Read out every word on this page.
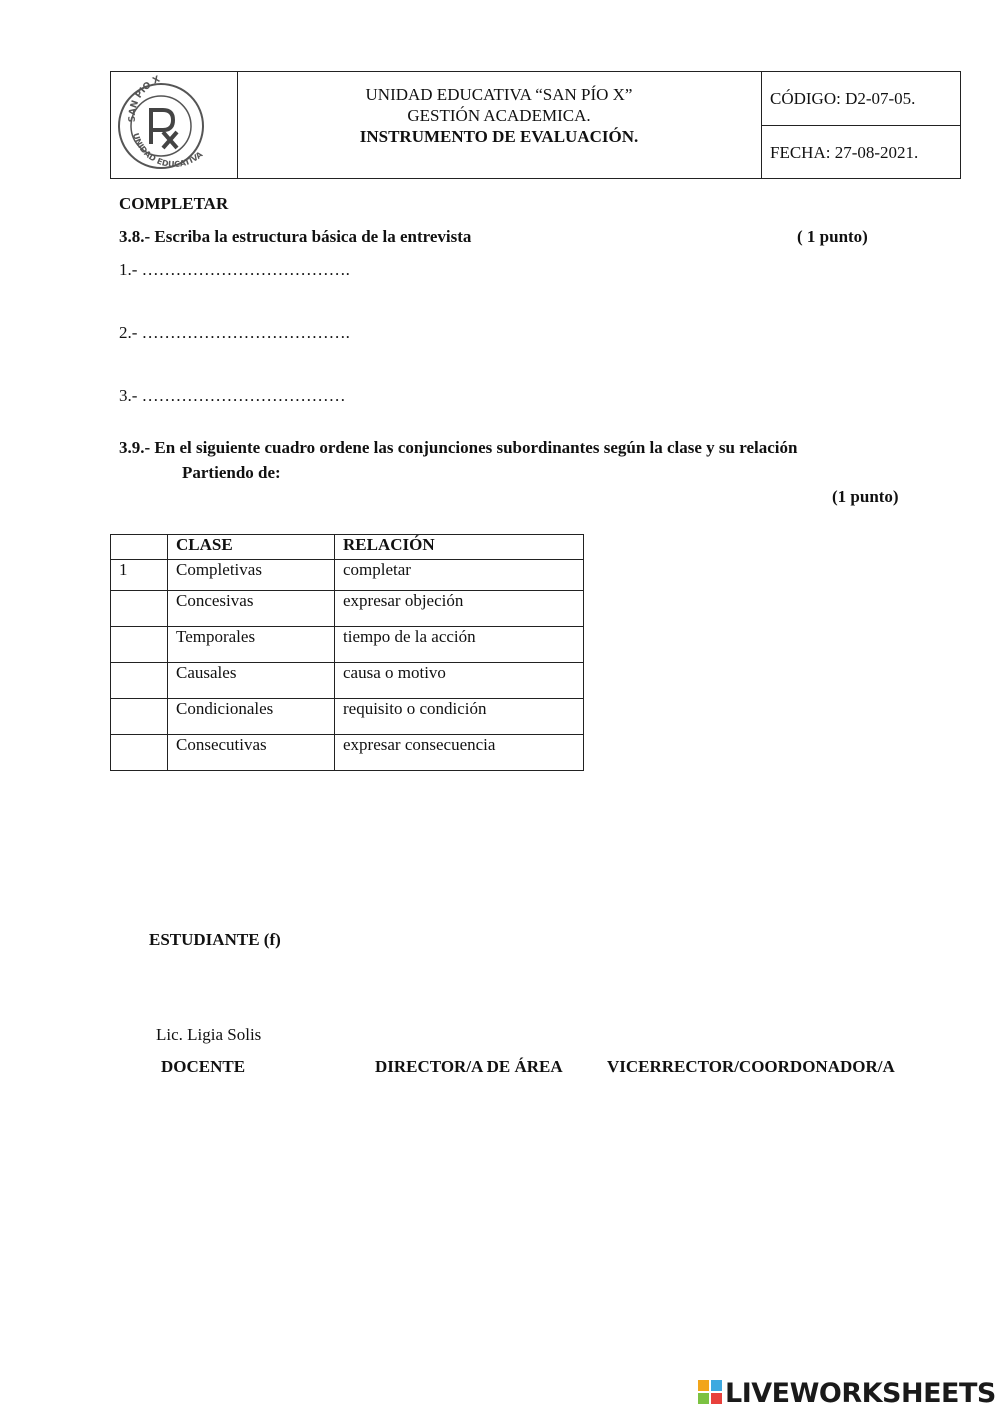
SAN PIO X
UNIDAD EDUCATIVA
UNIDAD EDUCATIVA “SAN PÍO X”
GESTIÓN ACADEMICA.
INSTRUMENTO DE EVALUACIÓN.
CÓDIGO: D2-07-05.
FECHA: 27-08-2021.
COMPLETAR
3.8.- Escriba la estructura básica de la entrevista	( 1 punto)
1.- ……………………………….
2.- ……………………………….
3.- ………………………………
3.9.- En el siguiente cuadro ordene las conjunciones subordinantes según la clase y su relación
Partiendo de:
(1 punto)
	CLASE	RELACIÓN
1	Completivas	completar
	Concesivas	expresar objeción
	Temporales	tiempo de la acción
	Causales	causa o motivo
	Condicionales	requisito o condición
	Consecutivas	expresar consecuencia
ESTUDIANTE (f)
Lic. Ligia Solis
DOCENTE	DIRECTOR/A DE ÁREA	VICERRECTOR/COORDONADOR/A
LIVEWORKSHEETS
